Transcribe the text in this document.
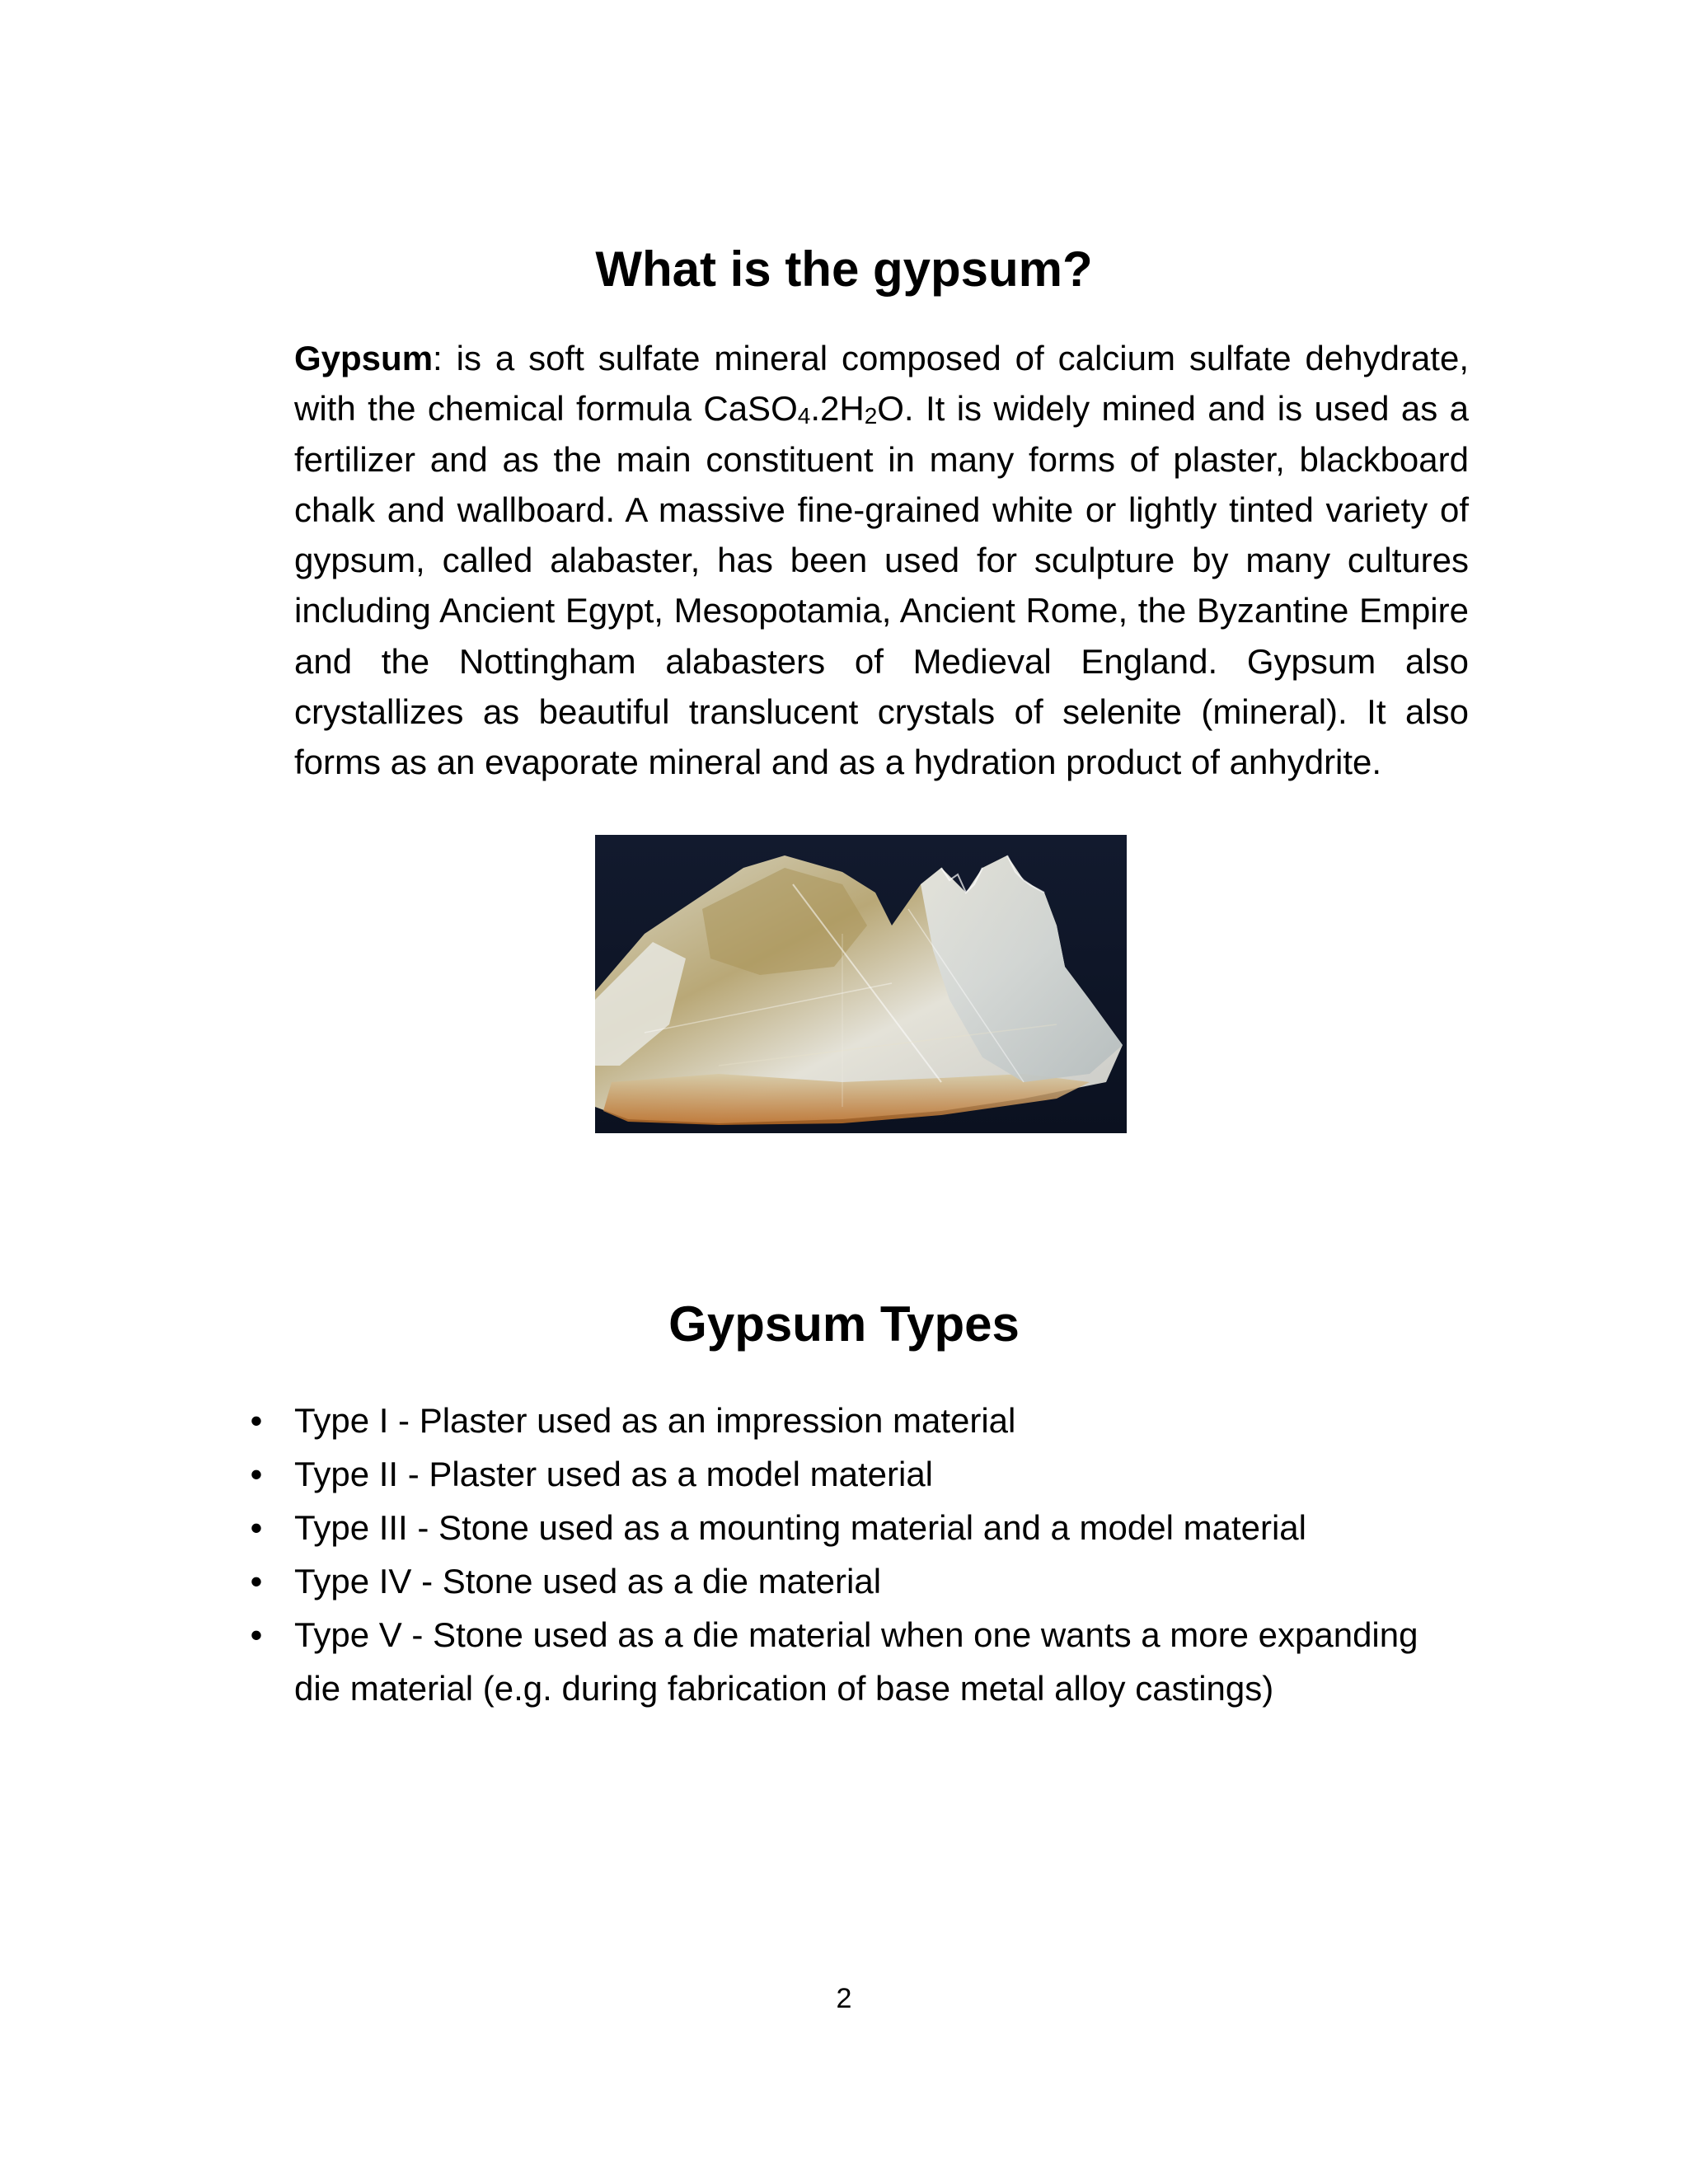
What is the gypsum?

Gypsum: is a soft sulfate mineral composed of calcium sulfate dehydrate, with the chemical formula $CaSO_4.2H_2O$. It is widely mined and is used as a fertilizer and as the main constituent in many forms of plaster, blackboard chalk and wallboard. A massive fine-grained white or lightly tinted variety of gypsum, called alabaster, has been used for sculpture by many cultures including Ancient Egypt, Mesopotamia, Ancient Rome, the Byzantine Empire and the Nottingham alabasters of Medieval England. Gypsum also crystallizes as beautiful translucent crystals of selenite (mineral). It also forms as an evaporate mineral and as a hydration product of anhydrite.

Gypsum Types
• Type I - Plaster used as an impression material
• Type II - Plaster used as a model material
• Type III - Stone used as a mounting material and a model material
• Type IV - Stone used as a die material
• Type V - Stone used as a die material when one wants a more expanding die material (e.g. during fabrication of base metal alloy castings)
2
